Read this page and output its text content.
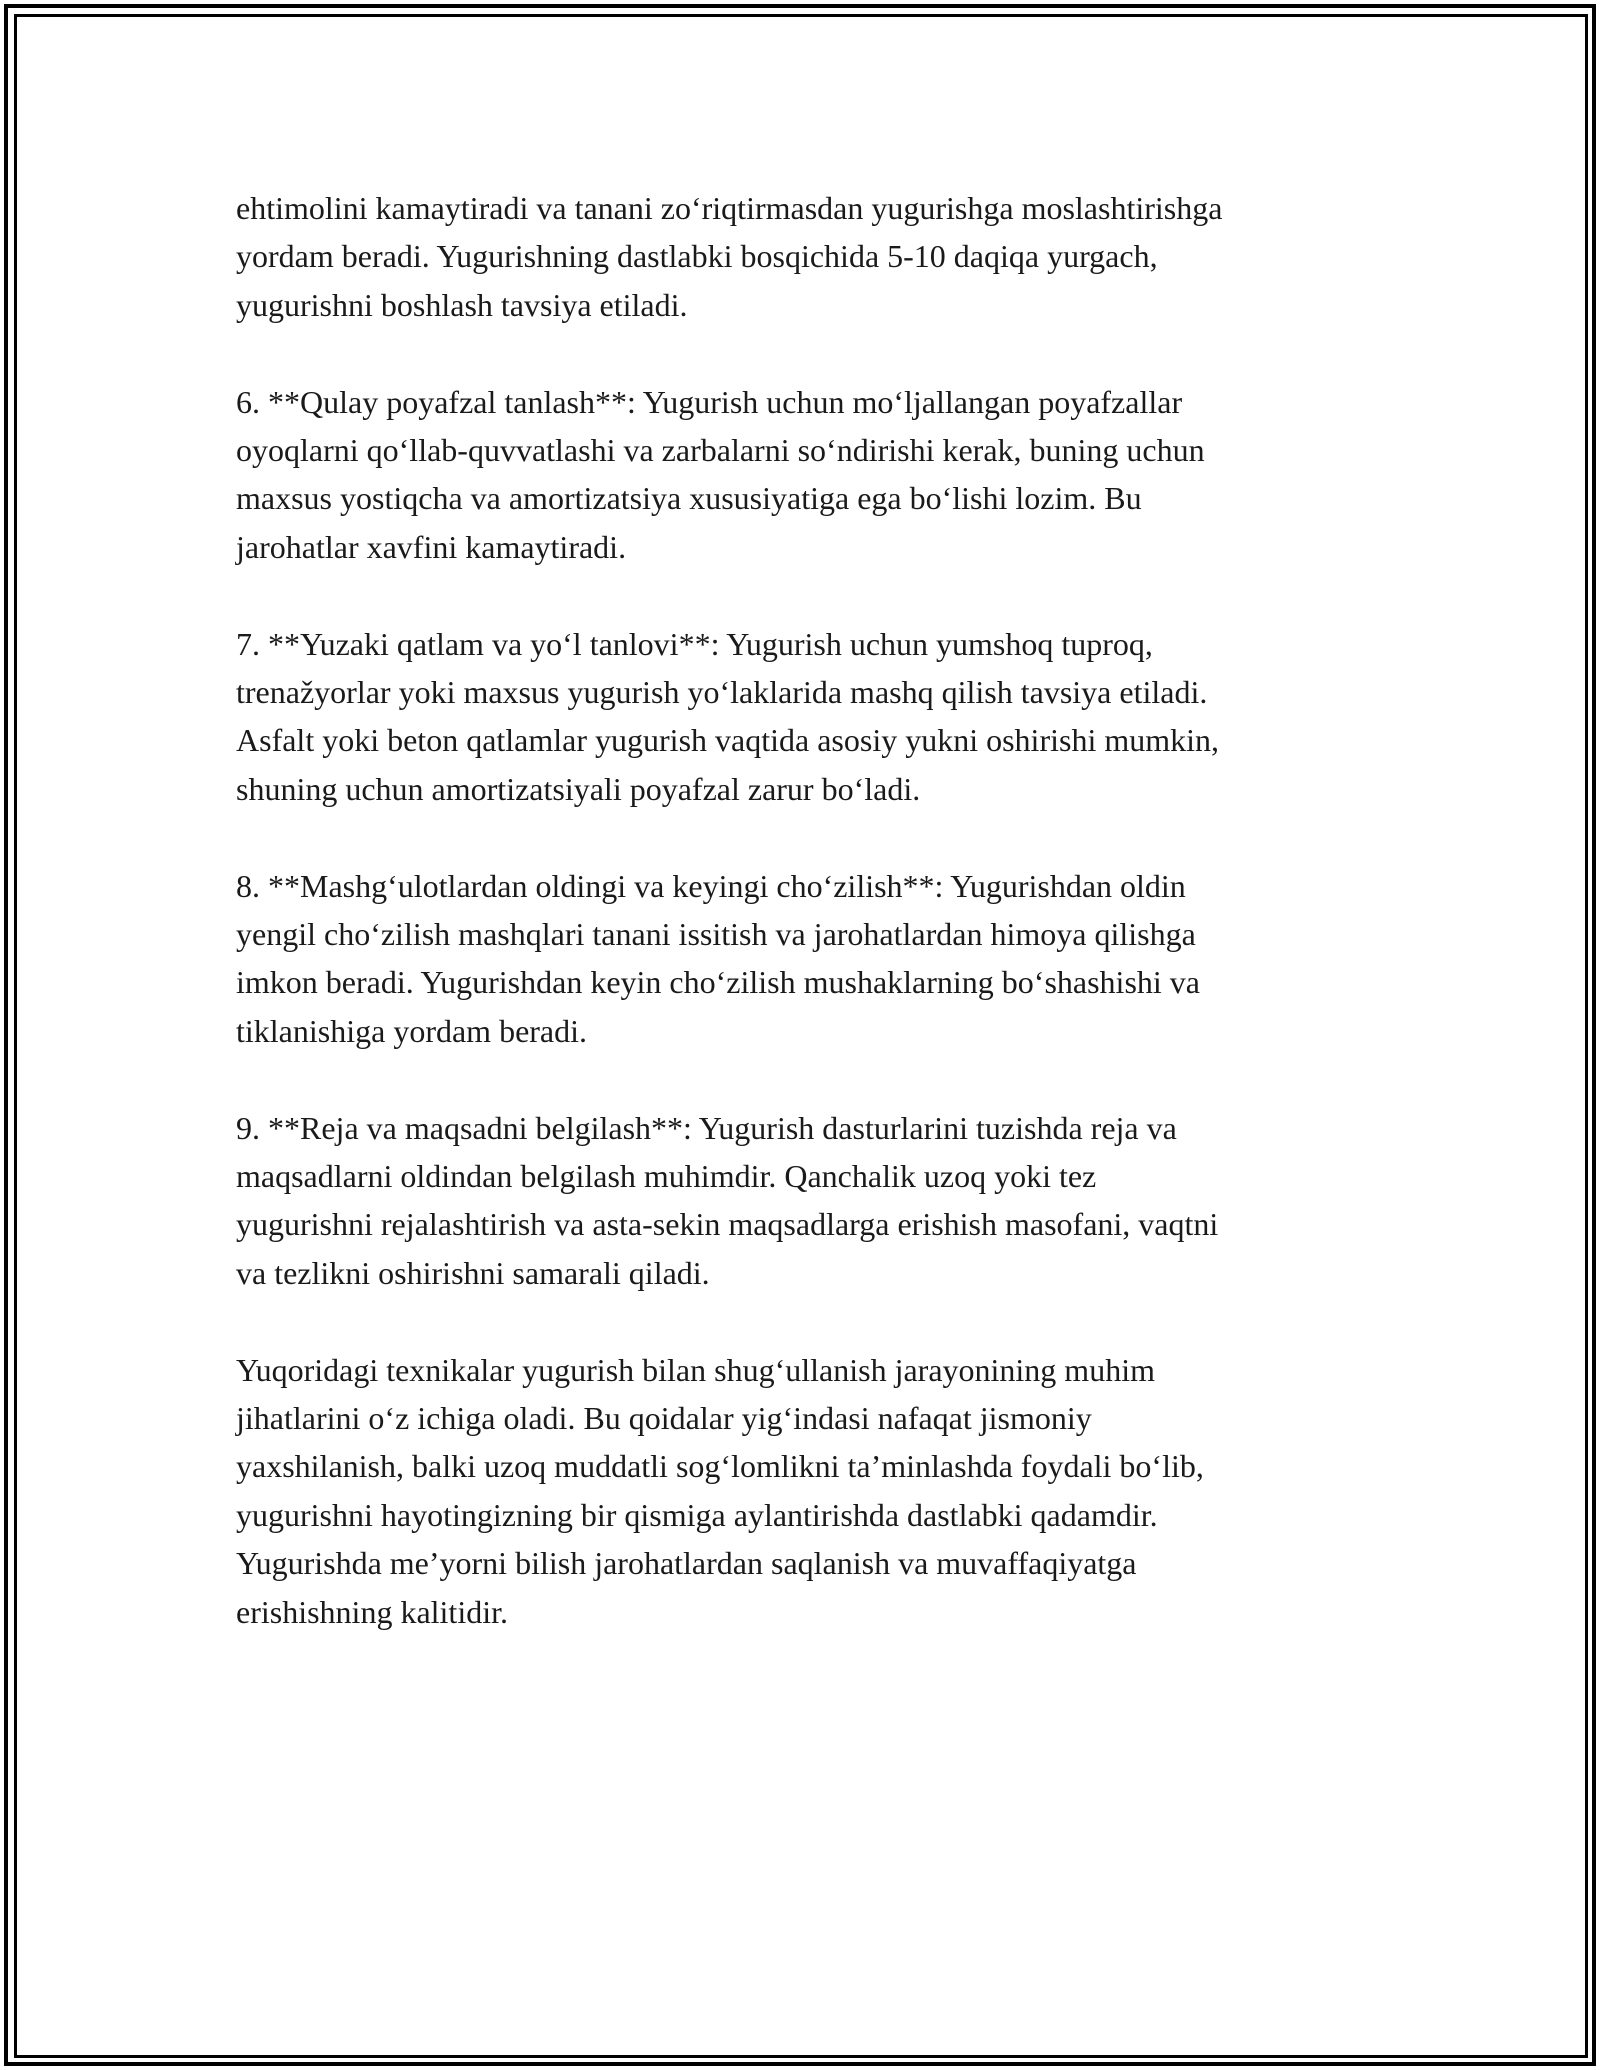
ehtimolini kamaytiradi va tanani zo‘riqtirmasdan yugurishga moslashtirishga
yordam beradi. Yugurishning dastlabki bosqichida 5-10 daqiqa yurgach,
yugurishni boshlash tavsiya etiladi.

6. **Qulay poyafzal tanlash**: Yugurish uchun mo‘ljallangan poyafzallar
oyoqlarni qo‘llab-quvvatlashi va zarbalarni so‘ndirishi kerak, buning uchun
maxsus yostiqcha va amortizatsiya xususiyatiga ega bo‘lishi lozim. Bu
jarohatlar xavfini kamaytiradi.

7. **Yuzaki qatlam va yo‘l tanlovi**: Yugurish uchun yumshoq tuproq,
trenažyorlar yoki maxsus yugurish yo‘laklarida mashq qilish tavsiya etiladi.
Asfalt yoki beton qatlamlar yugurish vaqtida asosiy yukni oshirishi mumkin,
shuning uchun amortizatsiyali poyafzal zarur bo‘ladi.

8. **Mashg‘ulotlardan oldingi va keyingi cho‘zilish**: Yugurishdan oldin
yengil cho‘zilish mashqlari tanani issitish va jarohatlardan himoya qilishga
imkon beradi. Yugurishdan keyin cho‘zilish mushaklarning bo‘shashishi va
tiklanishiga yordam beradi.

9. **Reja va maqsadni belgilash**: Yugurish dasturlarini tuzishda reja va
maqsadlarni oldindan belgilash muhimdir. Qanchalik uzoq yoki tez
yugurishni rejalashtirish va asta-sekin maqsadlarga erishish masofani, vaqtni
va tezlikni oshirishni samarali qiladi.

Yuqoridagi texnikalar yugurish bilan shug‘ullanish jarayonining muhim
jihatlarini o‘z ichiga oladi. Bu qoidalar yig‘indasi nafaqat jismoniy
yaxshilanish, balki uzoq muddatli sog‘lomlikni ta’minlashda foydali bo‘lib,
yugurishni hayotingizning bir qismiga aylantirishda dastlabki qadamdir.
Yugurishda me’yorni bilish jarohatlardan saqlanish va muvaffaqiyatga
erishishning kalitidir.
